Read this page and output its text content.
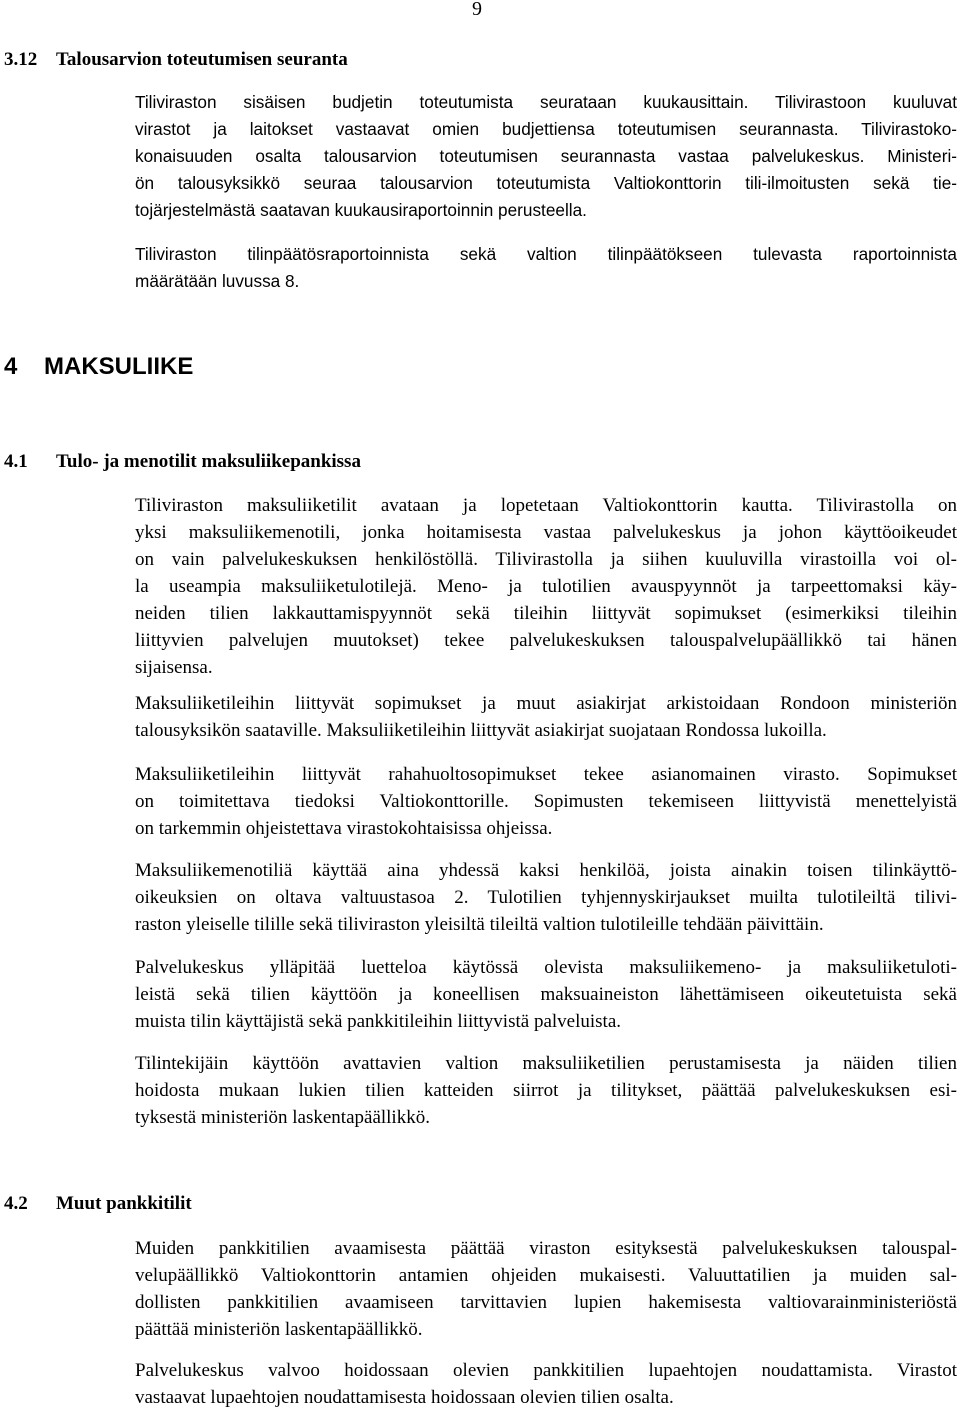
9
3.12 Talousarvion toteutumisen seuranta
Tiliviraston sisäisen budjetin toteutumista seurataan kuukausittain. Tilivirastoon kuuluvat
virastot ja laitokset vastaavat omien budjettiensa toteutumisen seurannasta. Tilivirastoko-
konaisuuden osalta talousarvion toteutumisen seurannasta vastaa palvelukeskus. Ministeri-
ön talousyksikkö seuraa talousarvion toteutumista Valtiokonttorin tili-ilmoitusten sekä tie-
tojärjestelmästä saatavan kuukausiraportoinnin perusteella.
Tiliviraston tilinpäätösraportoinnista sekä valtion tilinpäätökseen tulevasta raportoinnista
määrätään luvussa 8.
4 MAKSULIIKE
4.1 Tulo- ja menotilit maksuliikepankissa
Tiliviraston maksuliiketilit avataan ja lopetetaan Valtiokonttorin kautta. Tilivirastolla on
yksi maksuliikemenotili, jonka hoitamisesta vastaa palvelukeskus ja johon käyttöoikeudet
on vain palvelukeskuksen henkilöstöllä. Tilivirastolla ja siihen kuuluvilla virastoilla voi ol-
la useampia maksuliiketulotilejä. Meno- ja tulotilien avauspyynnöt ja tarpeettomaksi käy-
neiden tilien lakkauttamispyynnöt sekä tileihin liittyvät sopimukset (esimerkiksi tileihin
liittyvien palvelujen muutokset) tekee palvelukeskuksen talouspalvelupäällikkö tai hänen
sijaisensa.
Maksuliiketileihin liittyvät sopimukset ja muut asiakirjat arkistoidaan Rondoon ministeriön
talousyksikön saataville. Maksuliiketileihin liittyvät asiakirjat suojataan Rondossa lukoilla.
Maksuliiketileihin liittyvät rahahuoltosopimukset tekee asianomainen virasto. Sopimukset
on toimitettava tiedoksi Valtiokonttorille. Sopimusten tekemiseen liittyvistä menettelyistä
on tarkemmin ohjeistettava virastokohtaisissa ohjeissa.
Maksuliikemenotiliä käyttää aina yhdessä kaksi henkilöä, joista ainakin toisen tilinkäyttö-
oikeuksien on oltava valtuustasoa 2. Tulotilien tyhjennyskirjaukset muilta tulotileiltä tilivi-
raston yleiselle tilille sekä tiliviraston yleisiltä tileiltä valtion tulotileille tehdään päivittäin.
Palvelukeskus ylläpitää luetteloa käytössä olevista maksuliikemeno- ja maksuliiketuloti-
leistä sekä tilien käyttöön ja koneellisen maksuaineiston lähettämiseen oikeutetuista sekä
muista tilin käyttäjistä sekä pankkitileihin liittyvistä palveluista.
Tilintekijäin käyttöön avattavien valtion maksuliiketilien perustamisesta ja näiden tilien
hoidosta mukaan lukien tilien katteiden siirrot ja tilitykset, päättää palvelukeskuksen esi-
tyksestä ministeriön laskentapäällikkö.
4.2 Muut pankkitilit
Muiden pankkitilien avaamisesta päättää viraston esityksestä palvelukeskuksen talouspal-
velupäällikkö Valtiokonttorin antamien ohjeiden mukaisesti. Valuuttatilien ja muiden sal-
dollisten pankkitilien avaamiseen tarvittavien lupien hakemisesta valtiovarainministeriöstä
päättää ministeriön laskentapäällikkö.
Palvelukeskus valvoo hoidossaan olevien pankkitilien lupaehtojen noudattamista. Virastot
vastaavat lupaehtojen noudattamisesta hoidossaan olevien tilien osalta.
